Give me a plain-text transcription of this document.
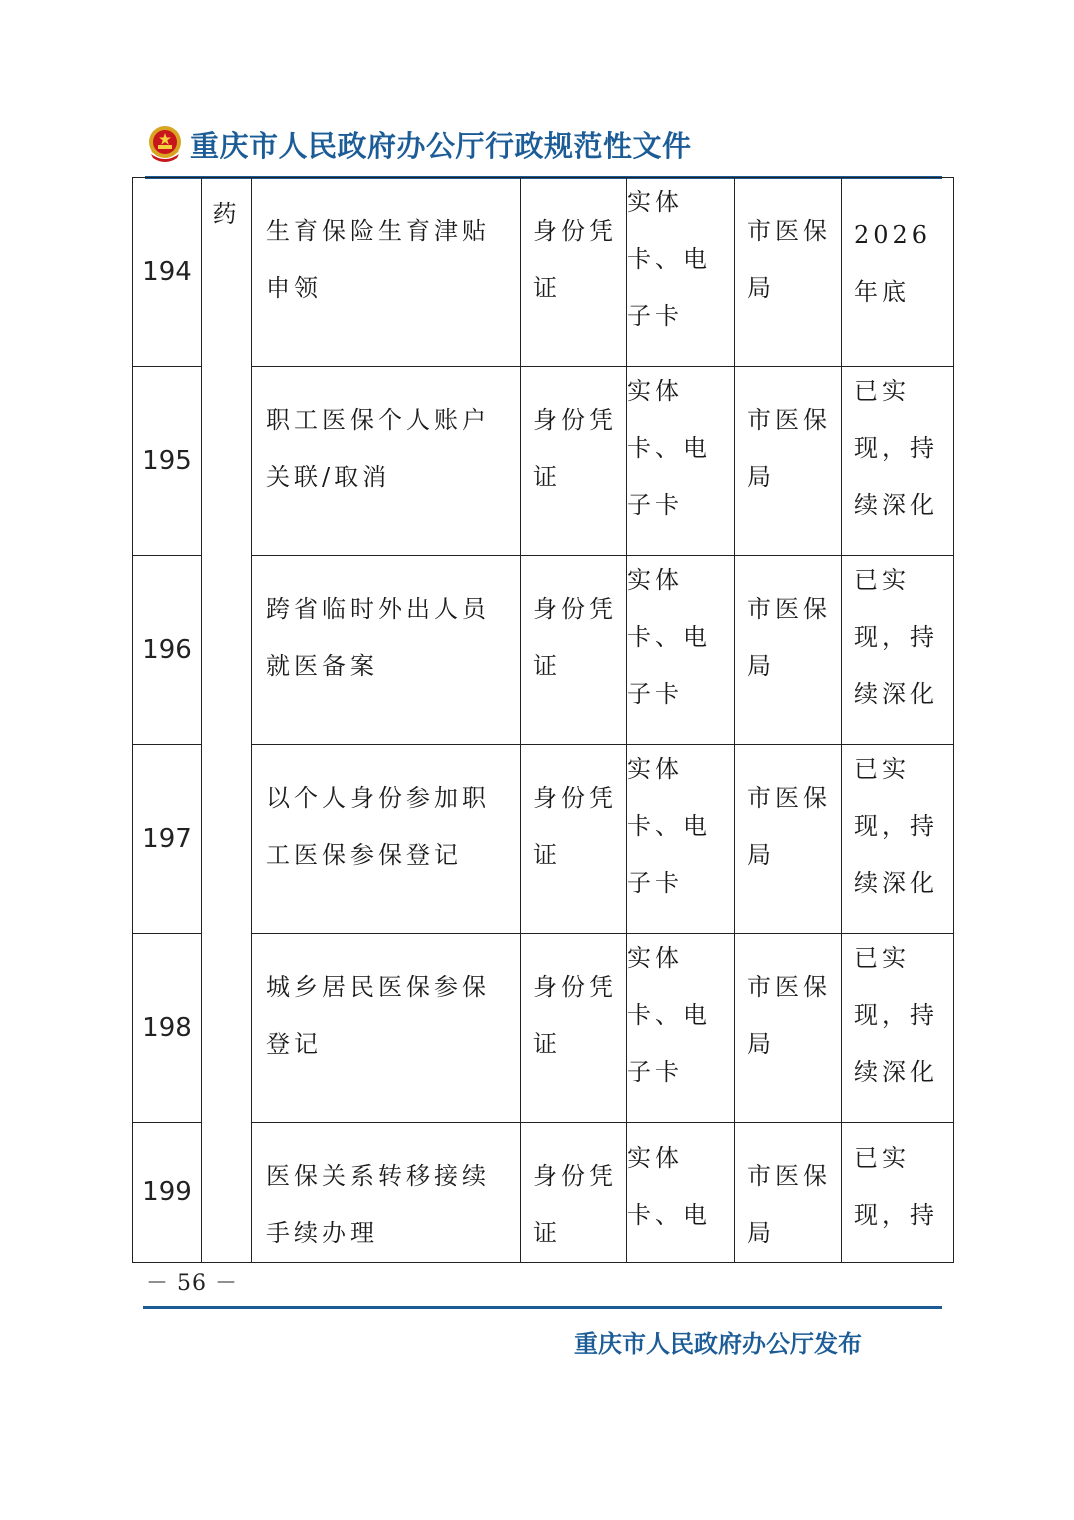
重庆市人民政府办公厅行政规范性文件
194	药	生育保险生育津贴申领	身份凭证	实体卡、电子卡	市医保局	2026 年底

195		职工医保个人账户关联/取消	身份凭证	实体卡、电子卡	市医保局	已实现，持续深化

196		跨省临时外出人员就医备案	身份凭证	实体卡、电子卡	市医保局	已实现，持续深化

197		以个人身份参加职工医保参保登记	身份凭证	实体卡、电子卡	市医保局	已实现，持续深化

198		城乡居民医保参保登记	身份凭证	实体卡、电子卡	市医保局	已实现，持续深化

199		医保关系转移接续手续办理	身份凭证	实体卡、电	市医保局	已实现，持
－ 56 －
重庆市人民政府办公厅发布
